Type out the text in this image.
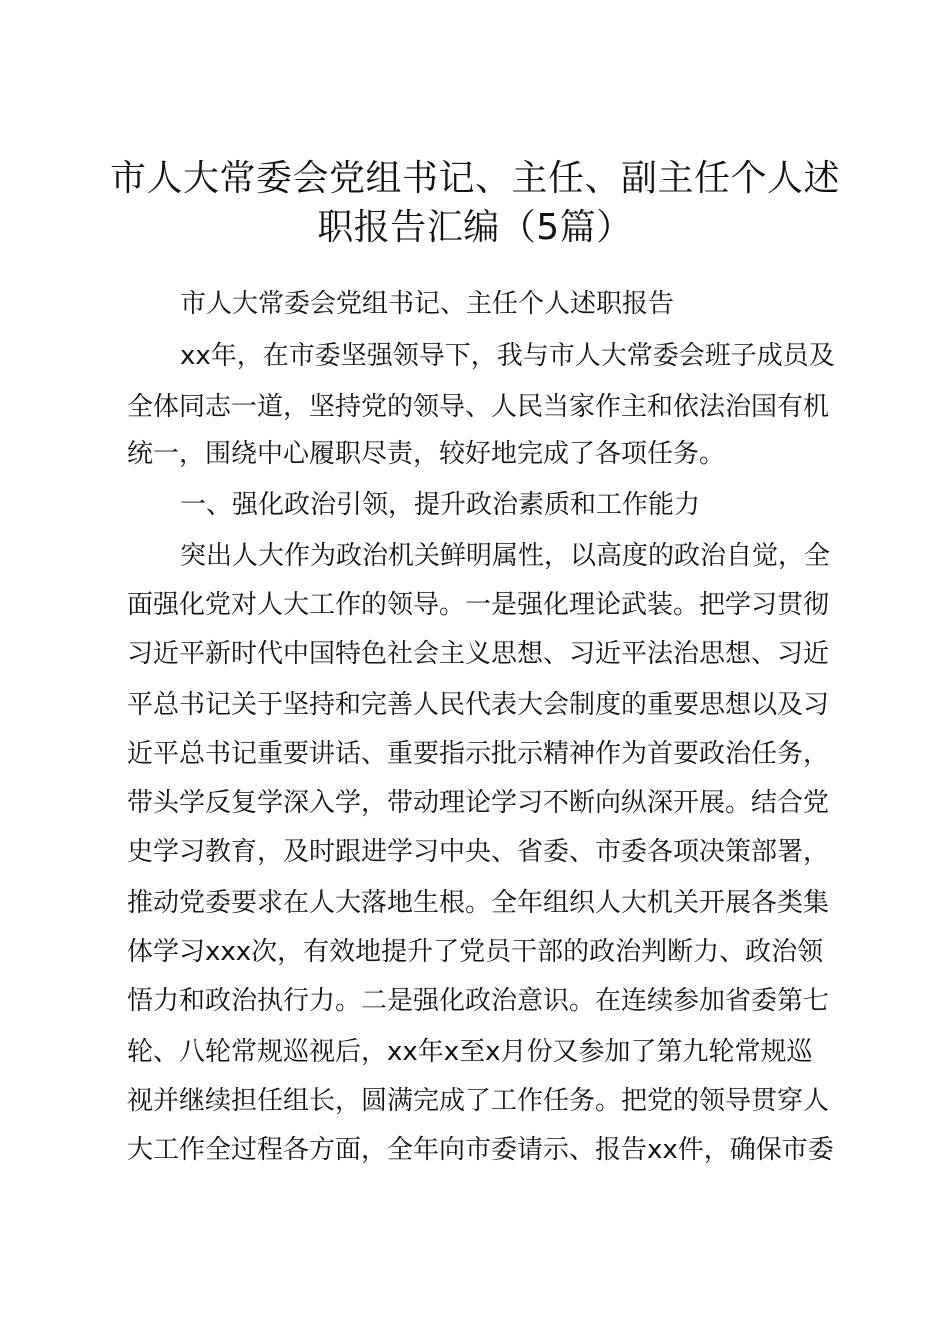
市人大常委会党组书记、主任、副主任个人述
职报告汇编（5篇）
市人大常委会党组书记、主任个人述职报告
xx年，在市委坚强领导下，我与市人大常委会班子成员及
全体同志一道，坚持党的领导、人民当家作主和依法治国有机
统一，围绕中心履职尽责，较好地完成了各项任务。
一、强化政治引领，提升政治素质和工作能力
突出人大作为政治机关鲜明属性，以高度的政治自觉，全
面强化党对人大工作的领导。一是强化理论武装。把学习贯彻
习近平新时代中国特色社会主义思想、习近平法治思想、习近
平总书记关于坚持和完善人民代表大会制度的重要思想以及习
近平总书记重要讲话、重要指示批示精神作为首要政治任务，
带头学反复学深入学，带动理论学习不断向纵深开展。结合党
史学习教育，及时跟进学习中央、省委、市委各项决策部署，
推动党委要求在人大落地生根。全年组织人大机关开展各类集
体学习xxx次，有效地提升了党员干部的政治判断力、政治领
悟力和政治执行力。二是强化政治意识。在连续参加省委第七
轮、八轮常规巡视后，xx年x至x月份又参加了第九轮常规巡
视并继续担任组长，圆满完成了工作任务。把党的领导贯穿人
大工作全过程各方面，全年向市委请示、报告xx件，确保市委
